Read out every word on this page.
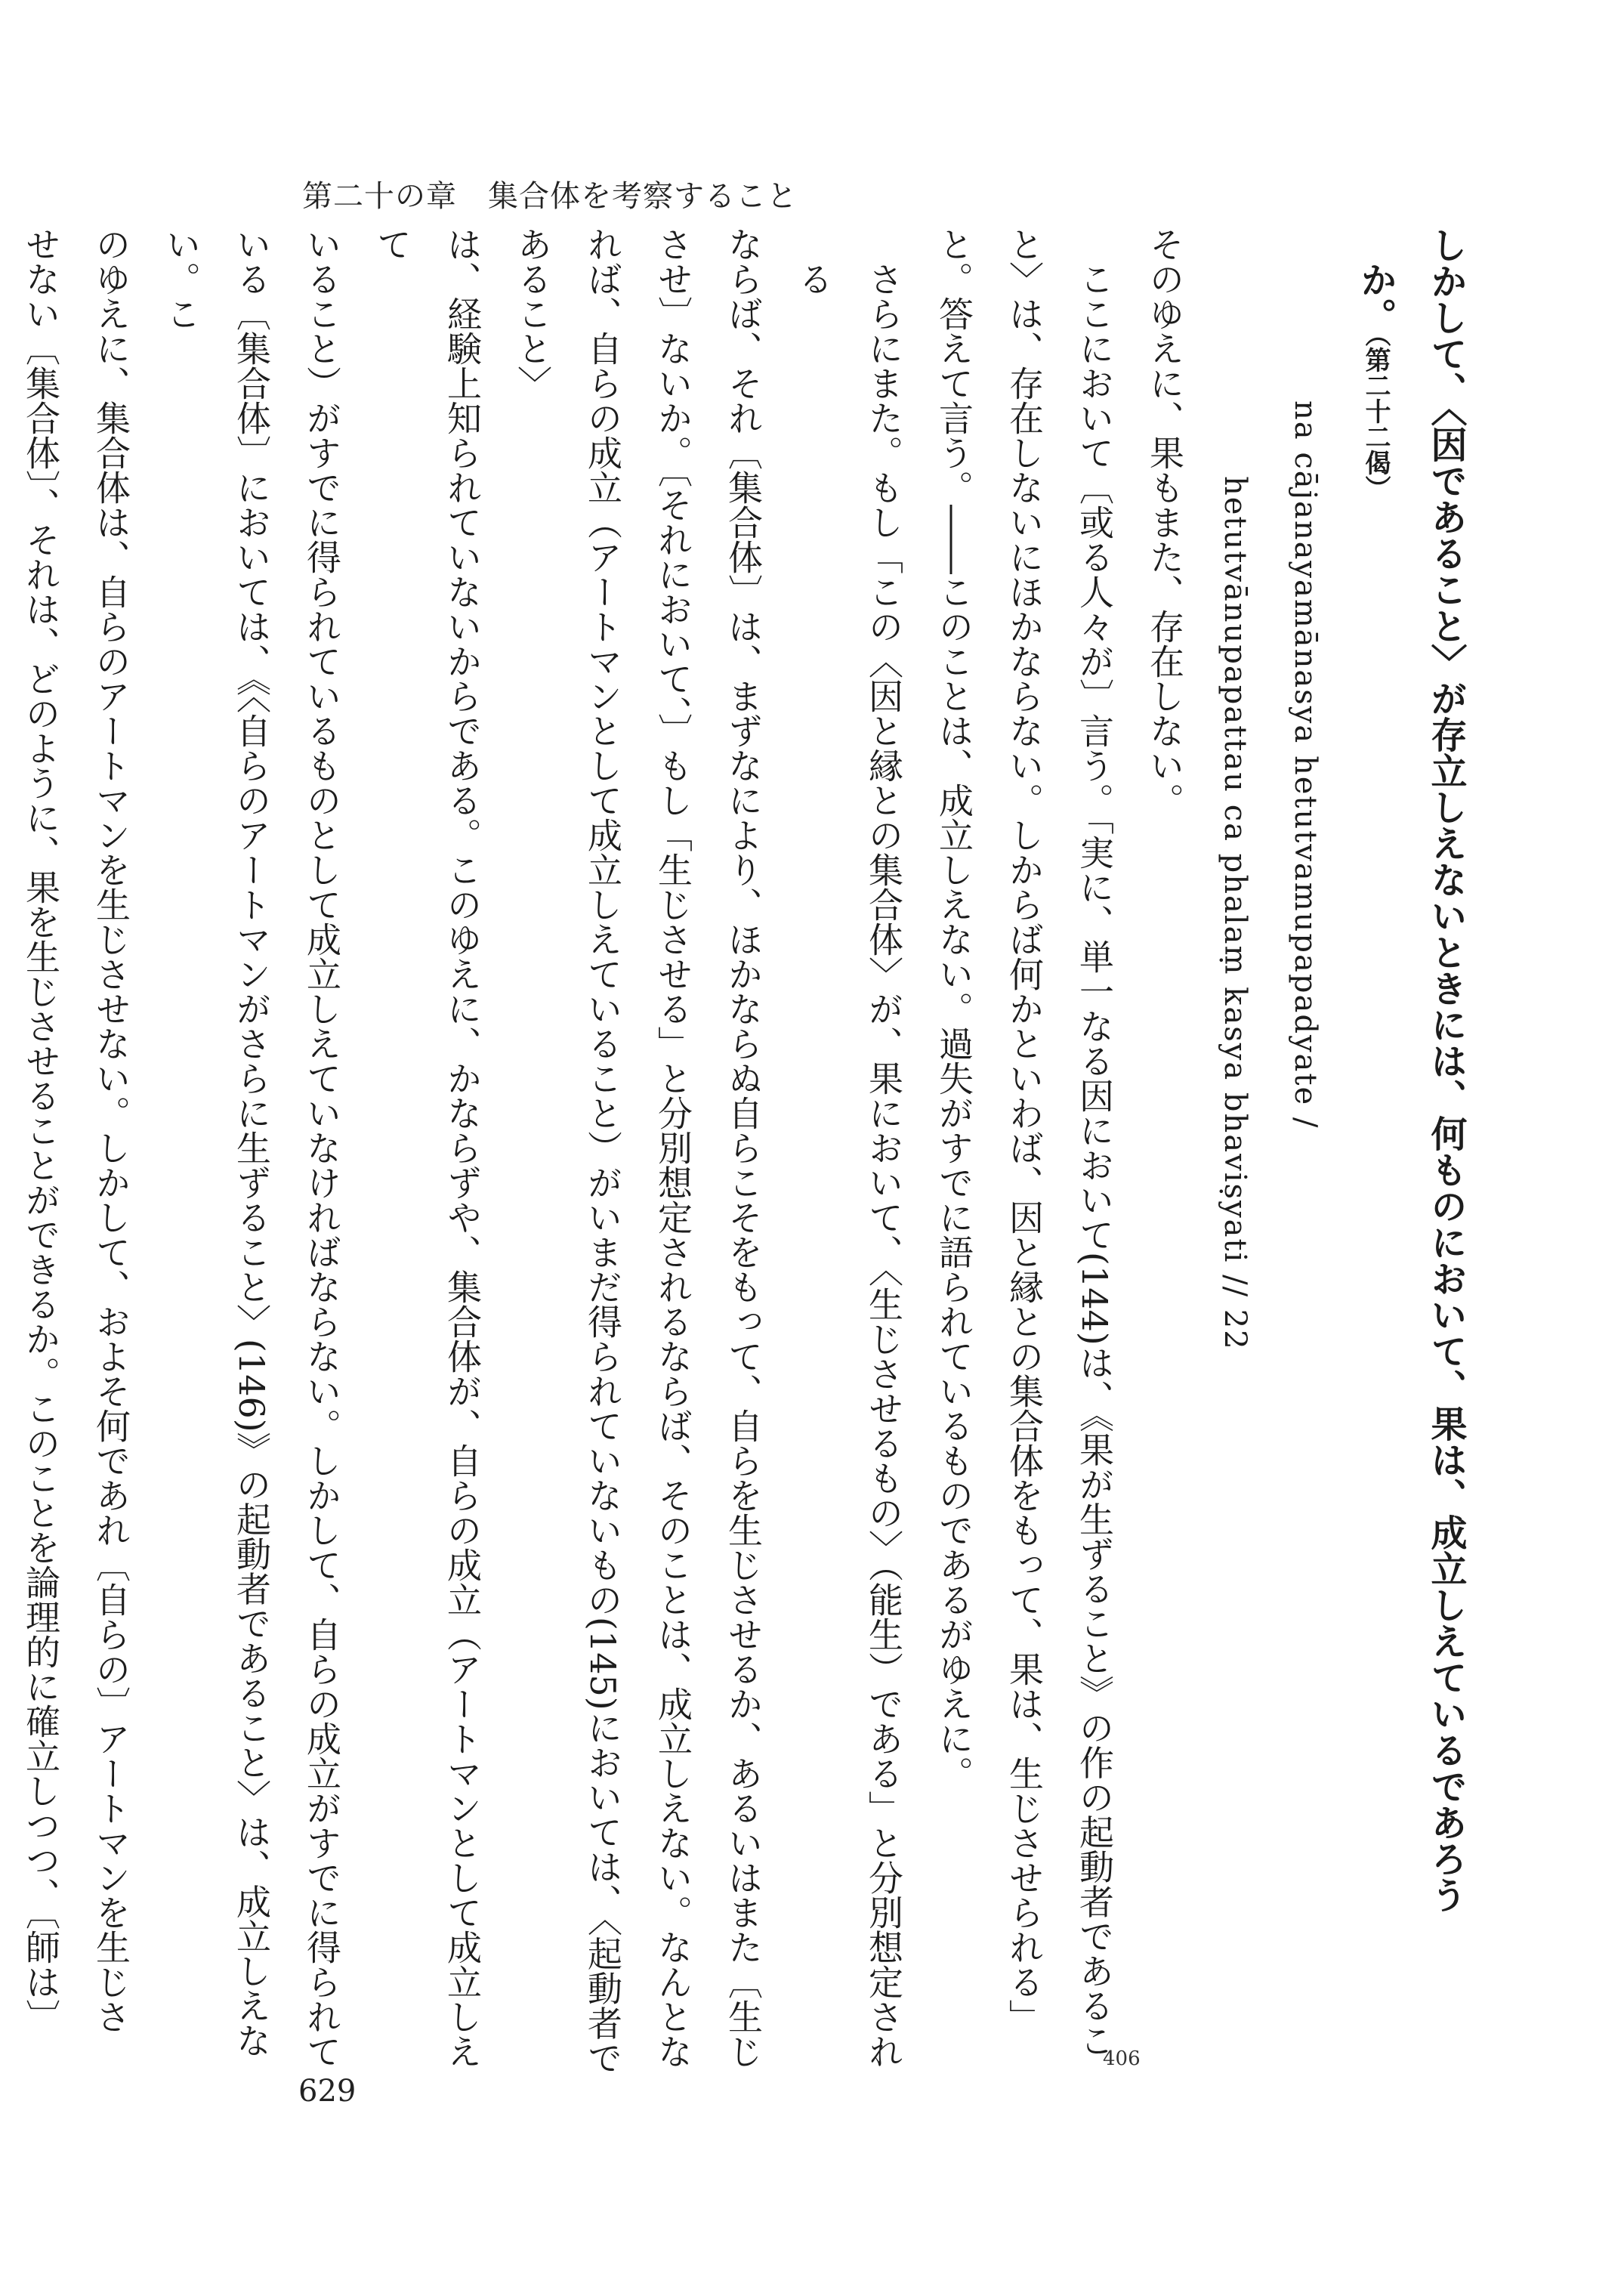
第二十の章　集合体を考察すること
しかして、〈因であること〉が存立しえないときには、何ものにおいて、果は、成立しえているであろう
か。（第二十二偈）
na cājanayamānasya hetutvamupapadyate /
hetutvānupapattau ca phalaṃ kasya bhaviṣyati // 22
そのゆえに、果もまた、存在しない。
ここにおいて〔或る人々が〕言う。「実に、単一なる因において(144)は、《果が生ずること》の作の起動者であるこ
と〉は、存在しないにほかならない。しからば何かといわば、因と縁との集合体をもって、果は、生じさせられる」
と。答えて言う。――このことは、成立しえない。過失がすでに語られているものであるがゆえに。
さらにまた。もし「この〈因と縁との集合体〉が、果において、〈生じさせるもの〉（能生）である」と分別想定される
ならば、それ〔集合体〕は、まずなにより、ほかならぬ自らこそをもって、自らを生じさせるか、あるいはまた〔生じ
させ〕ないか。〔それにおいて、〕もし「生じさせる」と分別想定されるならば、そのことは、成立しえない。なんとな
れば、自らの成立（アートマンとして成立しえていること）がいまだ得られていないもの(145)においては、〈起動者であること〉
は、経験上知られていないからである。このゆえに、かならずや、集合体が、自らの成立（アートマンとして成立しえて
いること）がすでに得られているものとして成立しえていなければならない。しかして、自らの成立がすでに得られて
いる〔集合体〕においては、《〈自らのアートマンがさらに生ずること〉(146)》の起動者であること〉は、成立しえない。こ
のゆえに、集合体は、自らのアートマンを生じさせない。しかして、およそ何であれ〔自らの〕アートマンを生じさ
せない〔集合体〕、それは、どのように、果を生じさせることができるか。このことを論理的に確立しつつ、〔師は〕
406
629
